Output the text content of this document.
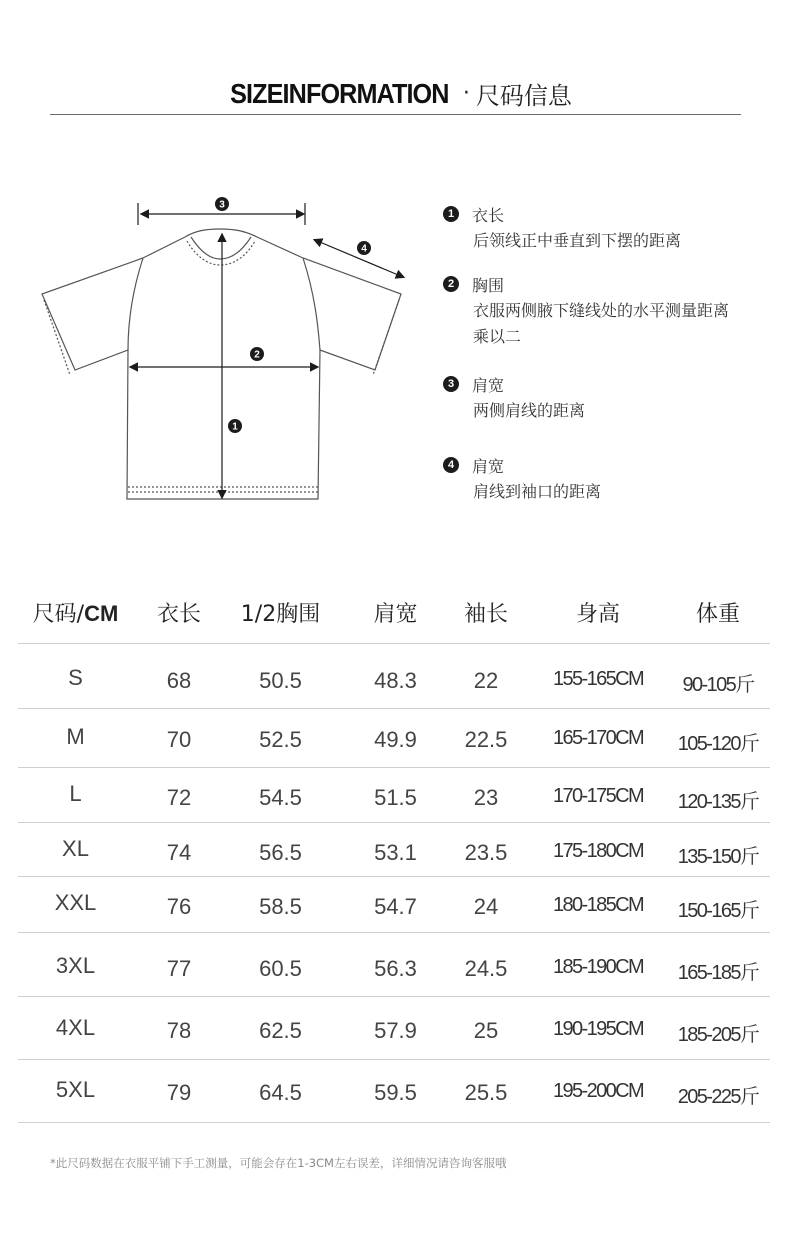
SIZEINFORMATION · 尺码信息
3
4
2
1
1	衣长
后领线正中垂直到下摆的距离
2	胸围
衣服两侧腋下缝线处的水平测量距离乘以二
3	肩宽
两侧肩线的距离
4	肩宽
肩线到袖口的距离
尺码/CM	衣长	1/2胸围	肩宽	袖长	身高	体重
S	68	50.5	48.3	22	155-165CM	90-105斤
M	70	52.5	49.9	22.5	165-170CM	105-120斤
L	72	54.5	51.5	23	170-175CM	120-135斤
XL	74	56.5	53.1	23.5	175-180CM	135-150斤
XXL	76	58.5	54.7	24	180-185CM	150-165斤
3XL	77	60.5	56.3	24.5	185-190CM	165-185斤
4XL	78	62.5	57.9	25	190-195CM	185-205斤
5XL	79	64.5	59.5	25.5	195-200CM	205-225斤
*此尺码数据在衣服平铺下手工测量，可能会存在1-3CM左右误差，详细情况请咨询客服哦
